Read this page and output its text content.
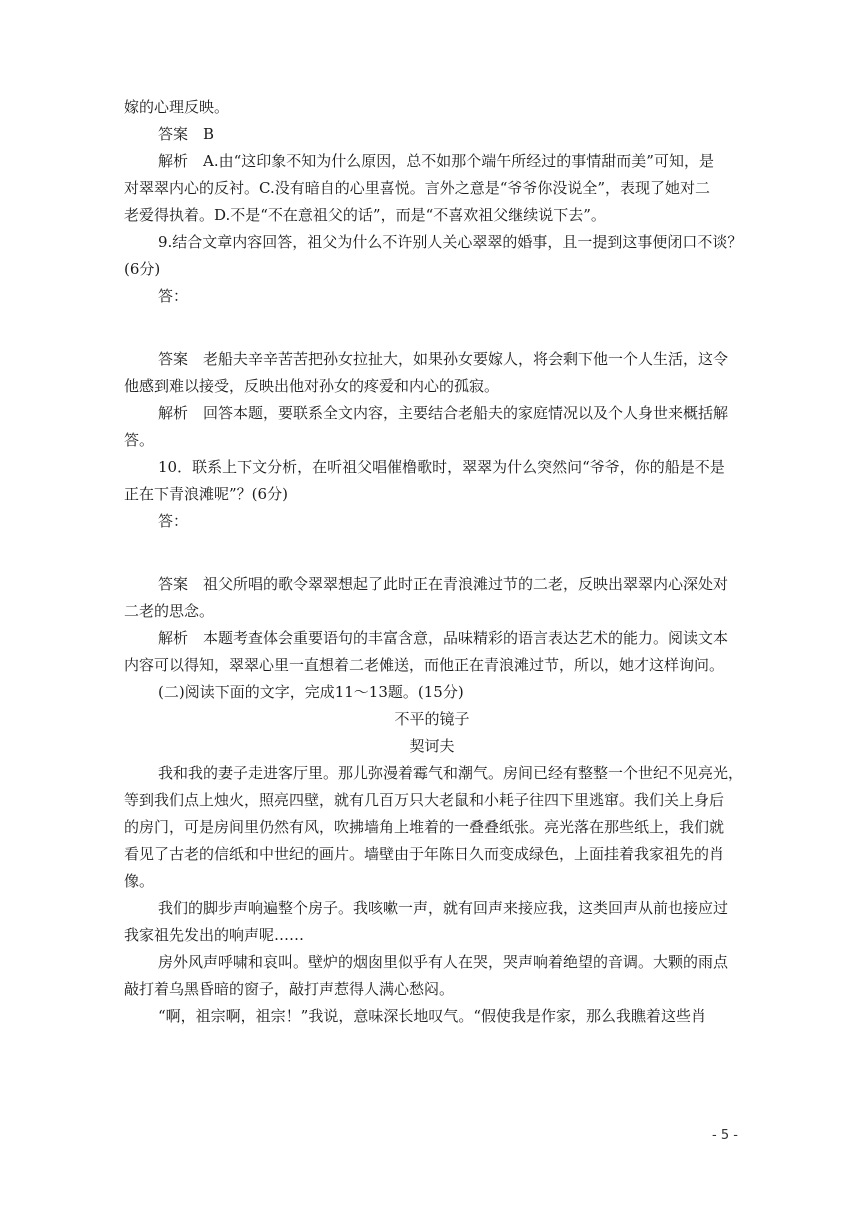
嫁的心理反映。
答案　B
解析　A.由“这印象不知为什么原因，总不如那个端午所经过的事情甜而美”可知，是
对翠翠内心的反衬。C.没有暗自的心里喜悦。言外之意是“爷爷你没说全”，表现了她对二
老爱得执着。D.不是“不在意祖父的话”，而是“不喜欢祖父继续说下去”。
9.结合文章内容回答，祖父为什么不许别人关心翠翠的婚事，且一提到这事便闭口不谈？
(6分)
答：
答案　老船夫辛辛苦苦把孙女拉扯大，如果孙女要嫁人，将会剩下他一个人生活，这令
他感到难以接受，反映出他对孙女的疼爱和内心的孤寂。
解析　回答本题，要联系全文内容，主要结合老船夫的家庭情况以及个人身世来概括解
答。
10．联系上下文分析，在听祖父唱催橹歌时，翠翠为什么突然问“爷爷，你的船是不是
正在下青浪滩呢”？(6分)
答：
答案　祖父所唱的歌令翠翠想起了此时正在青浪滩过节的二老，反映出翠翠内心深处对
二老的思念。
解析　本题考查体会重要语句的丰富含意，品味精彩的语言表达艺术的能力。阅读文本
内容可以得知，翠翠心里一直想着二老傩送，而他正在青浪滩过节，所以，她才这样询问。
(二)阅读下面的文字，完成11～13题。(15分)
不平的镜子
契诃夫
我和我的妻子走进客厅里。那儿弥漫着霉气和潮气。房间已经有整整一个世纪不见亮光，
等到我们点上烛火，照亮四壁，就有几百万只大老鼠和小耗子往四下里逃窜。我们关上身后
的房门，可是房间里仍然有风，吹拂墙角上堆着的一叠叠纸张。亮光落在那些纸上，我们就
看见了古老的信纸和中世纪的画片。墙壁由于年陈日久而变成绿色，上面挂着我家祖先的肖
像。
我们的脚步声响遍整个房子。我咳嗽一声，就有回声来接应我，这类回声从前也接应过
我家祖先发出的响声呢……
房外风声呼啸和哀叫。壁炉的烟囱里似乎有人在哭，哭声响着绝望的音调。大颗的雨点
敲打着乌黑昏暗的窗子，敲打声惹得人满心愁闷。
“啊，祖宗啊，祖宗！”我说，意味深长地叹气。“假使我是作家，那么我瞧着这些肖
- 5 -
